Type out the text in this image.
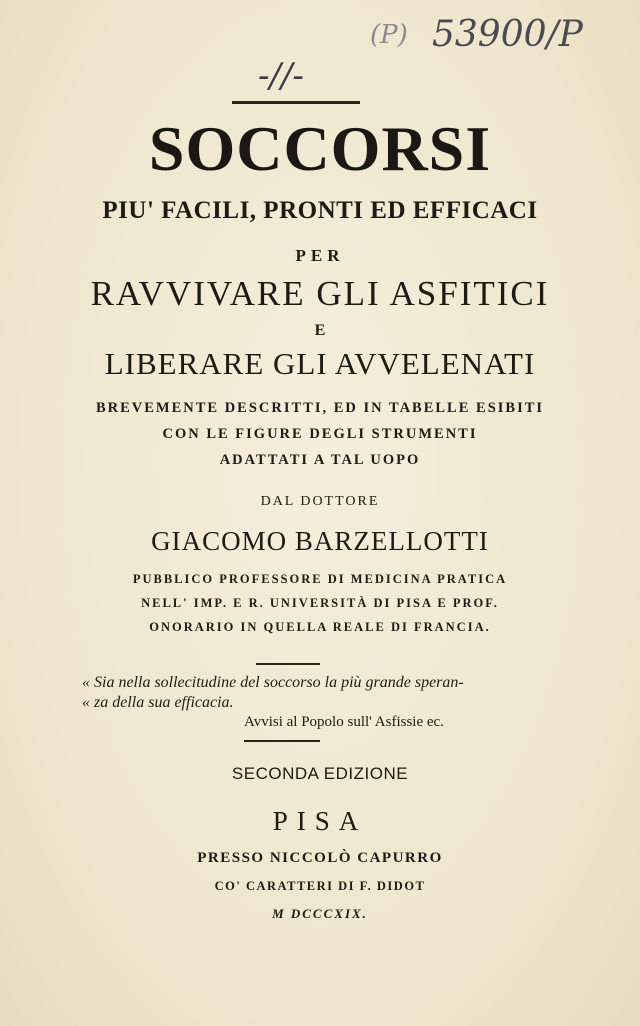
-//-
(P) 53900/P
SOCCORSI
PIU' FACILI, PRONTI ED EFFICACI
PER
RAVVIVARE GLI ASFITICI
E
LIBERARE GLI AVVELENATI
BREVEMENTE DESCRITTI, ED IN TABELLE ESIBITI
CON LE FIGURE DEGLI STRUMENTI
ADATTATI A TAL UOPO
DAL DOTTORE
GIACOMO BARZELLOTTI
PUBBLICO PROFESSORE DI MEDICINA PRATICA
NELL' IMP. E R. UNIVERSITÀ DI PISA E PROF.
ONORARIO IN QUELLA REALE DI FRANCIA.
« Sia nella sollecitudine del soccorso la più grande speran-
« za della sua efficacia.
Avvisi al Popolo sull' Asfissie ec.
SECONDA EDIZIONE
PISA
PRESSO NICCOLÒ CAPURRO
CO' CARATTERI DI F. DIDOT
M DCCCXIX.
